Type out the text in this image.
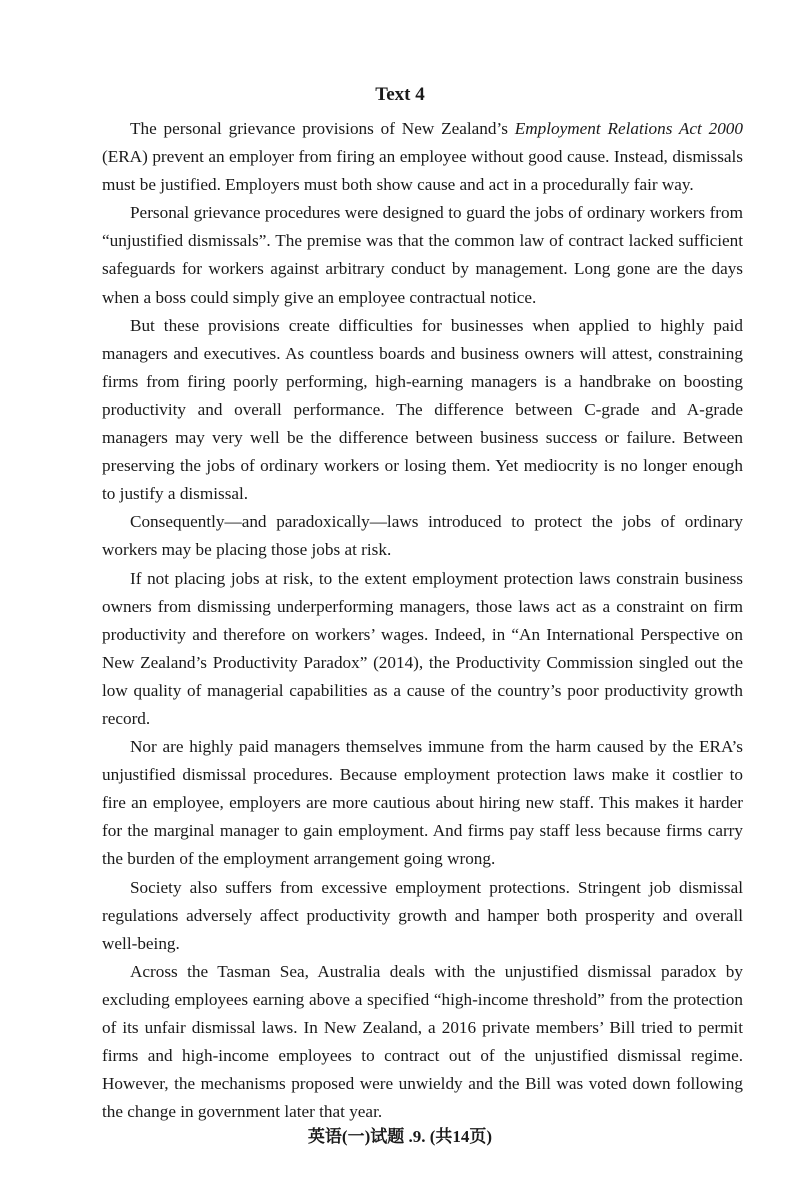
Text 4

The personal grievance provisions of New Zealand’s Employment Relations Act 2000 (ERA) prevent an employer from firing an employee without good cause. Instead, dismissals must be justified. Employers must both show cause and act in a procedurally fair way.

Personal grievance procedures were designed to guard the jobs of ordinary workers from “unjustified dismissals”. The premise was that the common law of contract lacked sufficient safeguards for workers against arbitrary conduct by management. Long gone are the days when a boss could simply give an employee contractual notice.

But these provisions create difficulties for businesses when applied to highly paid managers and executives. As countless boards and business owners will attest, constraining firms from firing poorly performing, high-earning managers is a handbrake on boosting productivity and overall performance. The difference between C-grade and A-grade managers may very well be the difference between business success or failure. Between preserving the jobs of ordinary workers or losing them. Yet mediocrity is no longer enough to justify a dismissal.

Consequently—and paradoxically—laws introduced to protect the jobs of ordinary workers may be placing those jobs at risk.

If not placing jobs at risk, to the extent employment protection laws constrain business owners from dismissing underperforming managers, those laws act as a constraint on firm productivity and therefore on workers’ wages. Indeed, in “An International Perspective on New Zealand’s Productivity Paradox” (2014), the Productivity Commission singled out the low quality of managerial capabilities as a cause of the country’s poor productivity growth record.

Nor are highly paid managers themselves immune from the harm caused by the ERA’s unjustified dismissal procedures. Because employment protection laws make it costlier to fire an employee, employers are more cautious about hiring new staff. This makes it harder for the marginal manager to gain employment. And firms pay staff less because firms carry the burden of the employment arrangement going wrong.

Society also suffers from excessive employment protections. Stringent job dismissal regulations adversely affect productivity growth and hamper both prosperity and overall well-being.

Across the Tasman Sea, Australia deals with the unjustified dismissal paradox by excluding employees earning above a specified “high-income threshold” from the protection of its unfair dismissal laws. In New Zealand, a 2016 private members’ Bill tried to permit firms and high-income employees to contract out of the unjustified dismissal regime. However, the mechanisms proposed were unwieldy and the Bill was voted down following the change in government later that year.

英语(一)试题 .9. (共14页)
